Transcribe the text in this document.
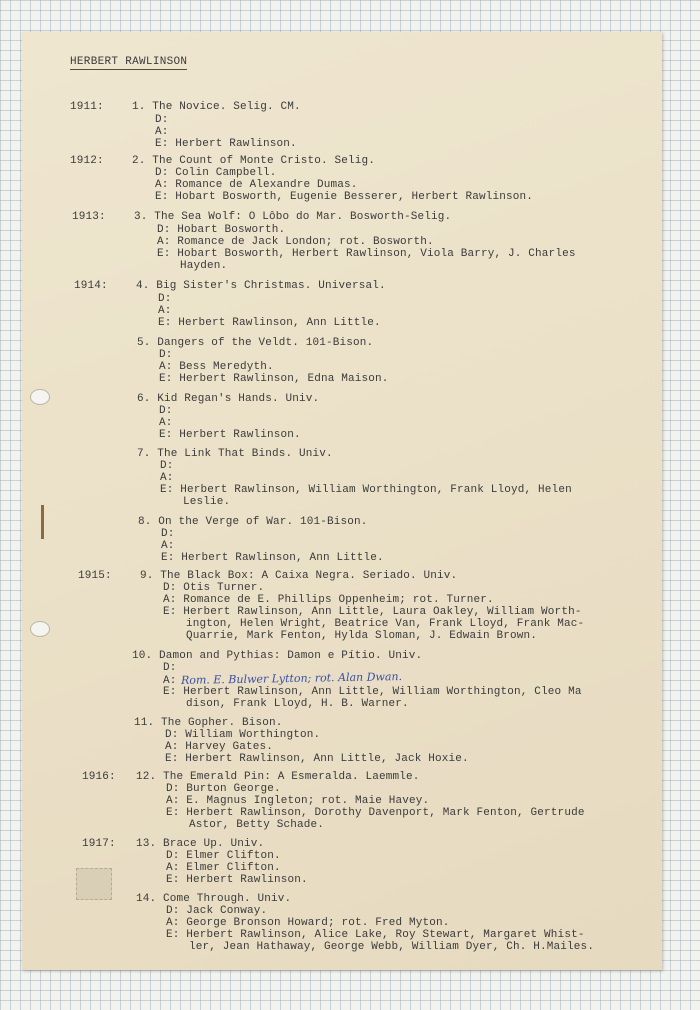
HERBERT RAWLINSON
1911:
1912:
1913:
1914:
1915:
1916:
1917:
1. The Novice. Selig. CM.
D:
A:
E: Herbert Rawlinson.
2. The Count of Monte Cristo. Selig.
D: Colin Campbell.
A: Romance de Alexandre Dumas.
E: Hobart Bosworth, Eugenie Besserer, Herbert Rawlinson.
3. The Sea Wolf: O Lôbo do Mar. Bosworth-Selig.
D: Hobart Bosworth.
A: Romance de Jack London; rot. Bosworth.
E: Hobart Bosworth, Herbert Rawlinson, Viola Barry, J. Charles
Hayden.
4. Big Sister's Christmas. Universal.
D:
A:
E: Herbert Rawlinson, Ann Little.
5. Dangers of the Veldt. 101-Bison.
D:
A: Bess Meredyth.
E: Herbert Rawlinson, Edna Maison.
6. Kid Regan's Hands. Univ.
D:
A:
E: Herbert Rawlinson.
7. The Link That Binds. Univ.
D:
A:
E: Herbert Rawlinson, William Worthington, Frank Lloyd, Helen
Leslie.
8. On the Verge of War. 101-Bison.
D:
A:
E: Herbert Rawlinson, Ann Little.
9. The Black Box: A Caixa Negra. Seriado. Univ.
D: Otis Turner.
A: Romance de E. Phillips Oppenheim; rot. Turner.
E: Herbert Rawlinson, Ann Little, Laura Oakley, William Worth-
ington, Helen Wright, Beatrice Van, Frank Lloyd, Frank Mac-
Quarrie, Mark Fenton, Hylda Sloman, J. Edwain Brown.
10. Damon and Pythias: Damon e Pítio. Univ.
D:
A: Rom. E. Bulwer Lytton; rot. Alan Dwan.
E: Herbert Rawlinson, Ann Little, William Worthington, Cleo Ma
dison, Frank Lloyd, H. B. Warner.
11. The Gopher. Bison.
D: William Worthington.
A: Harvey Gates.
E: Herbert Rawlinson, Ann Little, Jack Hoxie.
12. The Emerald Pin: A Esmeralda. Laemmle.
D: Burton George.
A: E. Magnus Ingleton; rot. Maie Havey.
E: Herbert Rawlinson, Dorothy Davenport, Mark Fenton, Gertrude
Astor, Betty Schade.
13. Brace Up. Univ.
D: Elmer Clifton.
A: Elmer Clifton.
E: Herbert Rawlinson.
14. Come Through. Univ.
D: Jack Conway.
A: George Bronson Howard; rot. Fred Myton.
E: Herbert Rawlinson, Alice Lake, Roy Stewart, Margaret Whist-
ler, Jean Hathaway, George Webb, William Dyer, Ch. H.Mailes.
